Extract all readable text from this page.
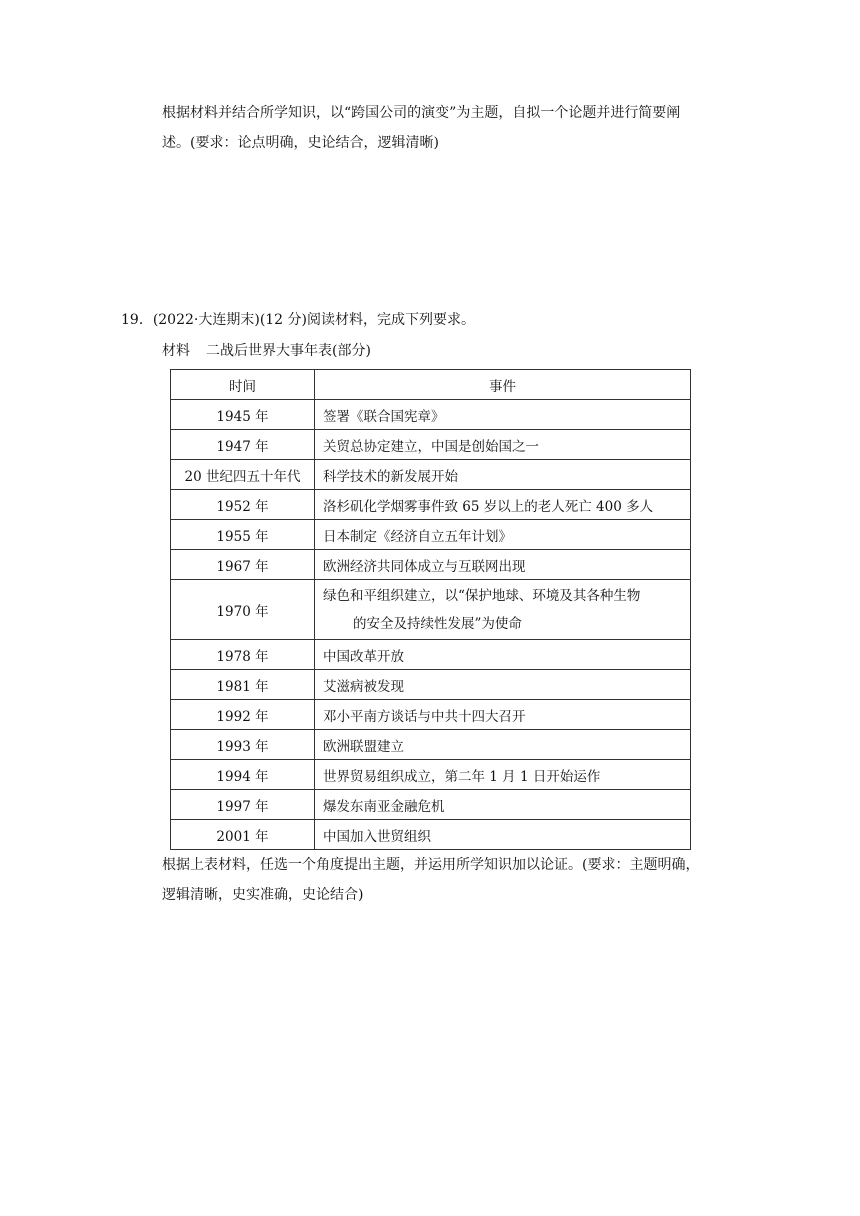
根据材料并结合所学知识，以“跨国公司的演变”为主题，自拟一个论题并进行简要阐
述。(要求：论点明确，史论结合，逻辑清晰)

19．(2022·大连期末)(12 分)阅读材料，完成下列要求。

材料 二战后世界大事年表(部分)

时间	事件
1945 年	签署《联合国宪章》
1947 年	关贸总协定建立，中国是创始国之一
20 世纪四五十年代	科学技术的新发展开始
1952 年	洛杉矶化学烟雾事件致 65 岁以上的老人死亡 400 多人
1955 年	日本制定《经济自立五年计划》
1967 年	欧洲经济共同体成立与互联网出现
1970 年	绿色和平组织建立，以“保护地球、环境及其各种生物
的安全及持续性发展”为使命

1978 年	中国改革开放
1981 年	艾滋病被发现
1992 年	邓小平南方谈话与中共十四大召开
1993 年	欧洲联盟建立
1994 年	世界贸易组织成立，第二年 1 月 1 日开始运作
1997 年	爆发东南亚金融危机
2001 年	中国加入世贸组织

根据上表材料，任选一个角度提出主题，并运用所学知识加以论证。(要求：主题明确，
逻辑清晰，史实准确，史论结合)
